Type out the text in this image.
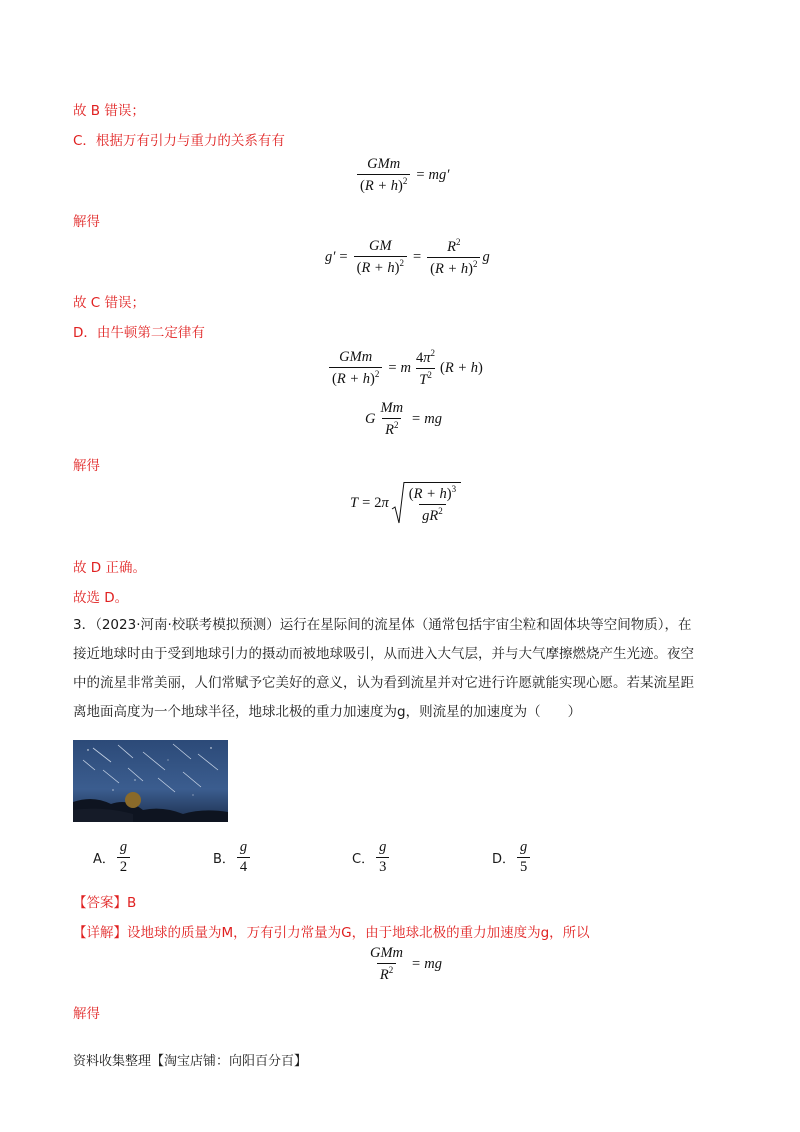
故 B 错误；
C．根据万有引力与重力的关系有有
$\frac{\text{GMm}}{(R + h)^2} = mg'$
解得
$g' = \frac{GM}{(R + h)^2} = \frac{R^2}{(R + h)^2}$ g
故 C 错误；
D．由牛顿第二定律有
$\frac{\text{GMm}}{(R + h)^2} = m \frac{4\pi^2}{T^2}$ ( R + h )
G $\frac{Mm}{R^2}$ = mg
解得
T = 2 π $\frac{(R + h)^3}{gR^2}$
故 D 正确。
故选 D。
3．（2023·河南·校联考模拟预测）运行在星际间的流星体（通常包括宇宙尘粒和固体块等空间物质），在
接近地球时由于受到地球引力的摄动而被地球吸引，从而进入大气层，并与大气摩擦燃烧产生光迹。夜空
中的流星非常美丽，人们常赋予它美好的意义，认为看到流星并对它进行许愿就能实现心愿。若某流星距
离地面高度为一个地球半径，地球北极的重力加速度为g，则流星的加速度为（　　）
A． $\frac{g}{2}$	B． $\frac{g}{4}$	C． $\frac{g}{3}$	D． $\frac{g}{5}$
【答案】B
【详解】设地球的质量为M，万有引力常量为G，由于地球北极的重力加速度为g，所以
$\frac{\text{GMm}}{R^2}$ = mg
解得
资料收集整理【淘宝店铺：向阳百分百】
